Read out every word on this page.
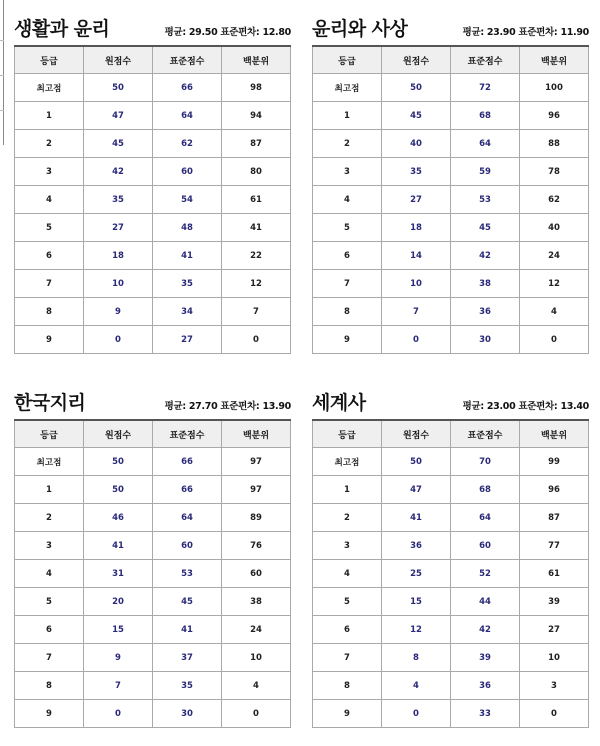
생활과 윤리	평균: 29.50 표준편차: 12.80
등급	원점수	표준점수	백분위
최고점	50	66	98
1	47	64	94
2	45	62	87
3	42	60	80
4	35	54	61
5	27	48	41
6	18	41	22
7	10	35	12
8	9	34	7
9	0	27	0
윤리와 사상	평균: 23.90 표준편차: 11.90
등급	원점수	표준점수	백분위
최고점	50	72	100
1	45	68	96
2	40	64	88
3	35	59	78
4	27	53	62
5	18	45	40
6	14	42	24
7	10	38	12
8	7	36	4
9	0	30	0
한국지리	평균: 27.70 표준편차: 13.90
등급	원점수	표준점수	백분위
최고점	50	66	97
1	50	66	97
2	46	64	89
3	41	60	76
4	31	53	60
5	20	45	38
6	15	41	24
7	9	37	10
8	7	35	4
9	0	30	0
세계사	평균: 23.00 표준편차: 13.40
등급	원점수	표준점수	백분위
최고점	50	70	99
1	47	68	96
2	41	64	87
3	36	60	77
4	25	52	61
5	15	44	39
6	12	42	27
7	8	39	10
8	4	36	3
9	0	33	0
